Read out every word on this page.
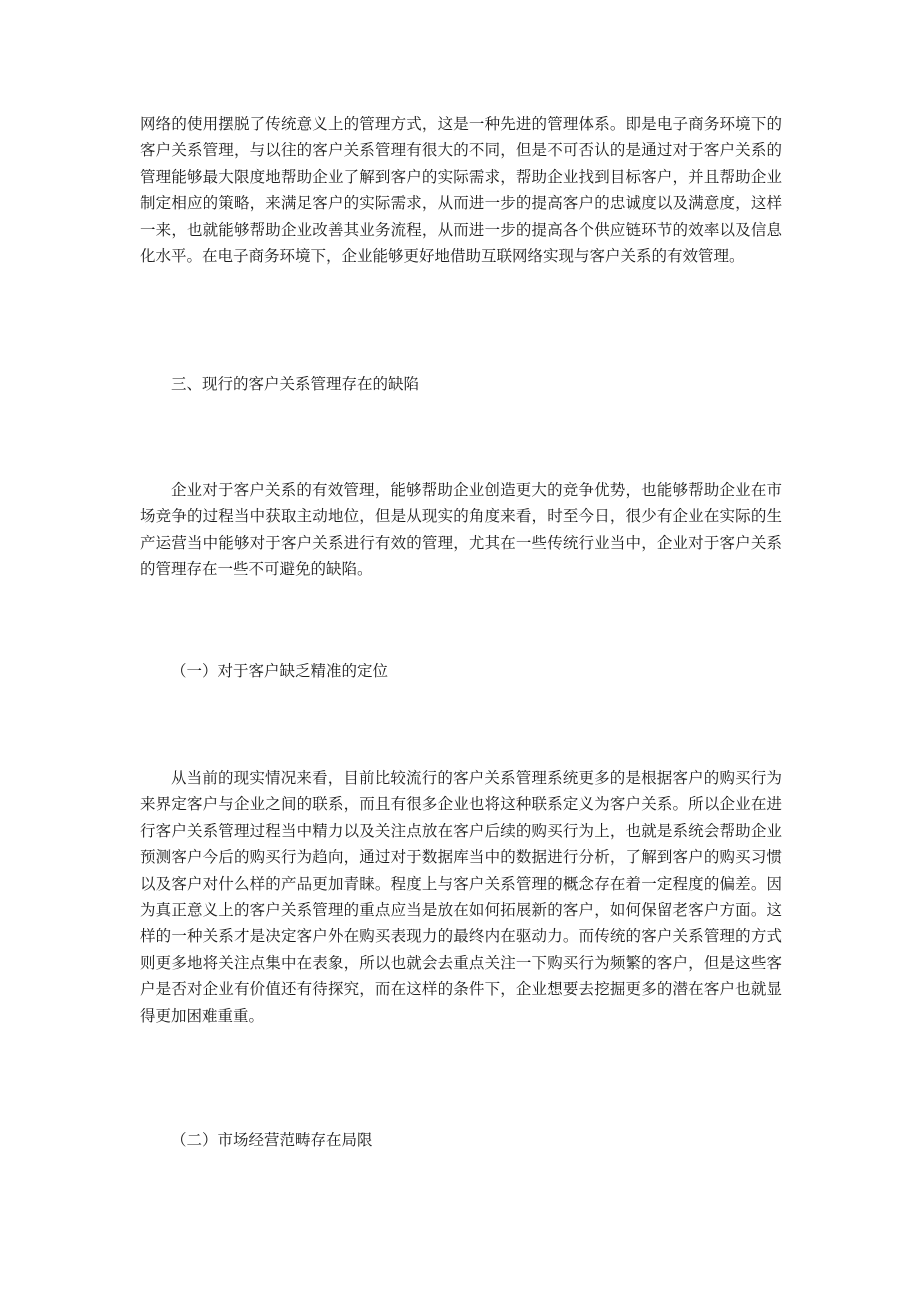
网络的使用摆脱了传统意义上的管理方式，这是一种先进的管理体系。即是电子商务环境下的客户关系管理，与以往的客户关系管理有很大的不同，但是不可否认的是通过对于客户关系的管理能够最大限度地帮助企业了解到客户的实际需求，帮助企业找到目标客户，并且帮助企业制定相应的策略，来满足客户的实际需求，从而进一步的提高客户的忠诚度以及满意度，这样一来，也就能够帮助企业改善其业务流程，从而进一步的提高各个供应链环节的效率以及信息化水平。在电子商务环境下，企业能够更好地借助互联网络实现与客户关系的有效管理。

三、现行的客户关系管理存在的缺陷

企业对于客户关系的有效管理，能够帮助企业创造更大的竞争优势，也能够帮助企业在市场竞争的过程当中获取主动地位，但是从现实的角度来看，时至今日，很少有企业在实际的生产运营当中能够对于客户关系进行有效的管理，尤其在一些传统行业当中，企业对于客户关系的管理存在一些不可避免的缺陷。

（一）对于客户缺乏精准的定位

从当前的现实情况来看，目前比较流行的客户关系管理系统更多的是根据客户的购买行为来界定客户与企业之间的联系，而且有很多企业也将这种联系定义为客户关系。所以企业在进行客户关系管理过程当中精力以及关注点放在客户后续的购买行为上，也就是系统会帮助企业预测客户今后的购买行为趋向，通过对于数据库当中的数据进行分析，了解到客户的购买习惯以及客户对什么样的产品更加青睐。程度上与客户关系管理的概念存在着一定程度的偏差。因为真正意义上的客户关系管理的重点应当是放在如何拓展新的客户，如何保留老客户方面。这样的一种关系才是决定客户外在购买表现力的最终内在驱动力。而传统的客户关系管理的方式则更多地将关注点集中在表象，所以也就会去重点关注一下购买行为频繁的客户，但是这些客户是否对企业有价值还有待探究，而在这样的条件下，企业想要去挖掘更多的潜在客户也就显得更加困难重重。

（二）市场经营范畴存在局限
